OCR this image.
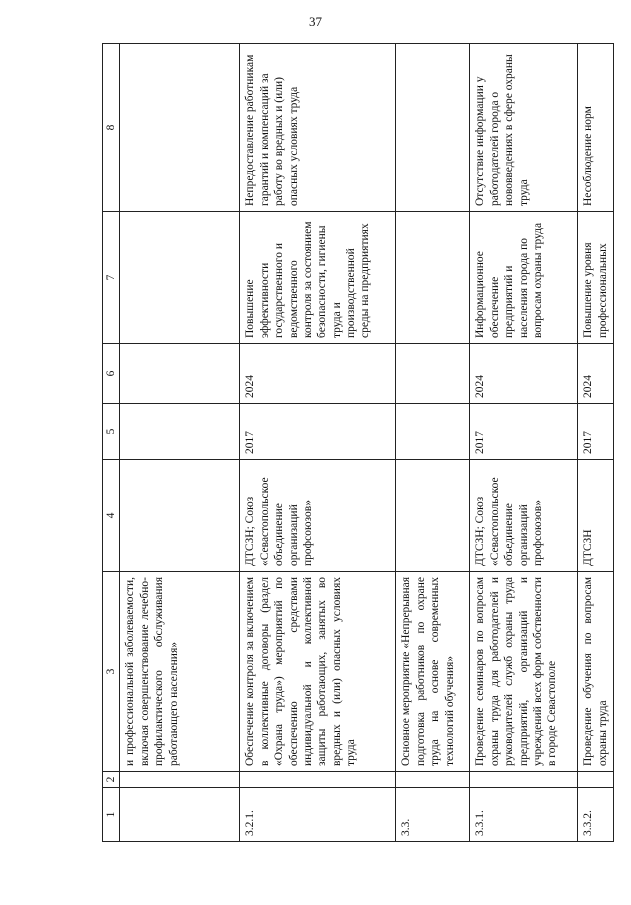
37
1	2	3	4	5	6	7	8
		и профессиональной заболеваемости, включая совершенствование лечебно-профилактического обслуживания работающего населения»					
3.2.1.		Обеспечение контроля за включением в коллективные договоры (раздел «Охрана труда») мероприятий по обеспечению средствами индивидуальной и коллективной защиты работающих, занятых во вредных и (или) опасных условиях труда	ДТСЗН; Союз «Севастопольское объединение организаций профсоюзов»	2017	2024	Повышение эффективности государственного и ведомственного контроля за состоянием безопасности, гигиены труда и производственной среды на предприятиях	Непредоставление работникам гарантий и компенсаций за работу во вредных и (или) опасных условиях труда
3.3.		Основное мероприятие «Непрерывная подготовка работников по охране труда на основе современных технологий обучения»					
3.3.1.		Проведение семинаров по вопросам охраны труда для работодателей и руководителей служб охраны труда предприятий, организаций и учреждений всех форм собственности в городе Севастополе	ДТСЗН; Союз «Севастопольское объединение организаций профсоюзов»	2017	2024	Информационное обеспечение предприятий и населения города по вопросам охраны труда	Отсутствие информации у работодателей города о нововведениях в сфере охраны труда
3.3.2.		Проведение обучения по вопросам охраны труда	ДТСЗН	2017	2024	Повышение уровня профессиональных	Несоблюдение норм
